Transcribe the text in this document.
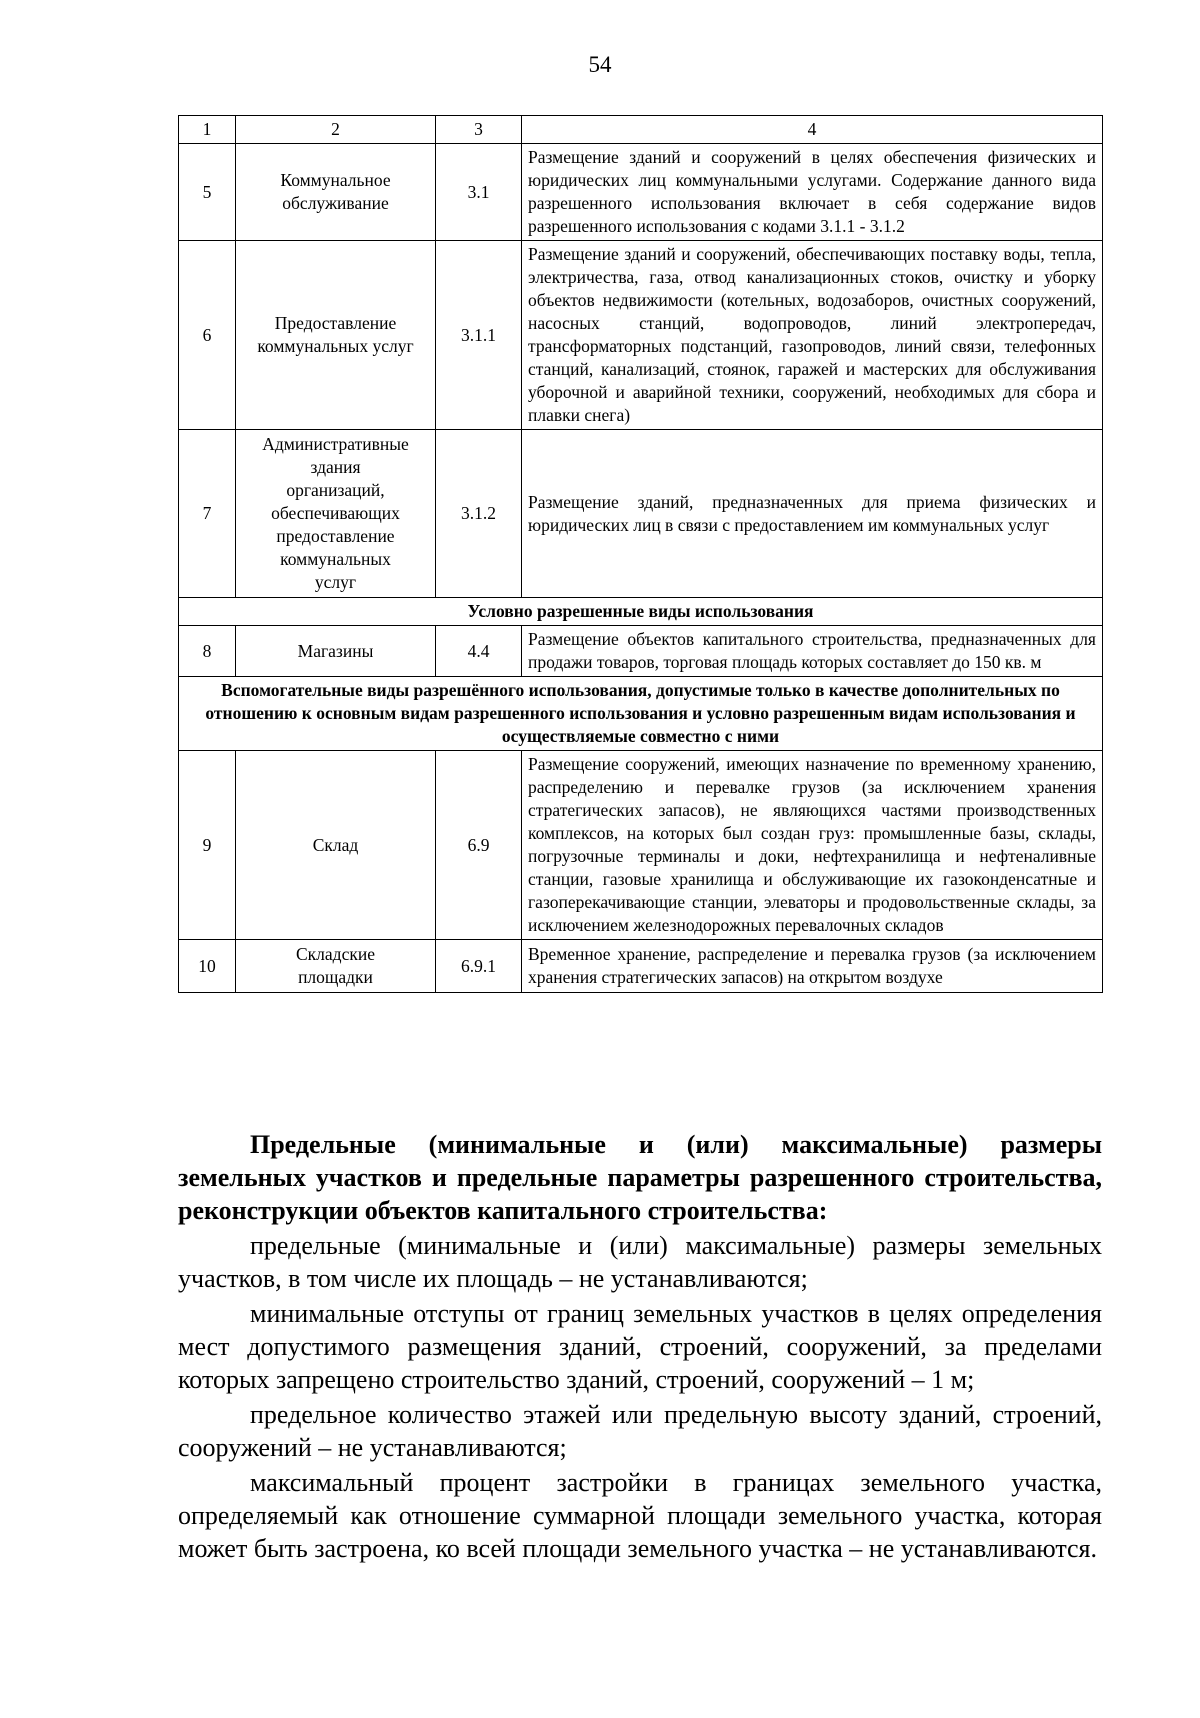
54
1	2	3	4
5	Коммунальное обслуживание	3.1	Размещение зданий и сооружений в целях обеспечения физических и юридических лиц коммунальными услугами. Содержание данного вида разрешенного использования включает в себя содержание видов разрешенного использования с кодами 3.1.1 - 3.1.2
6	Предоставление коммунальных услуг	3.1.1	Размещение зданий и сооружений, обеспечивающих поставку воды, тепла, электричества, газа, отвод канализационных стоков, очистку и уборку объектов недвижимости (котельных, водозаборов, очистных сооружений, насосных станций, водопроводов, линий электропередач, трансформаторных подстанций, газопроводов, линий связи, телефонных станций, канализаций, стоянок, гаражей и мастерских для обслуживания уборочной и аварийной техники, сооружений, необходимых для сбора и плавки снега)
7	Административные здания организаций, обеспечивающих предоставление коммунальных услуг	3.1.2	Размещение зданий, предназначенных для приема физических и юридических лиц в связи с предоставлением им коммунальных услуг
Условно разрешенные виды использования			
8	Магазины	4.4	Размещение объектов капитального строительства, предназначенных для продажи товаров, торговая площадь которых составляет до 150 кв. м
Вспомогательные виды разрешённого использования, допустимые только в качестве дополнительных по отношению к основным видам разрешенного использования и условно разрешенным видам использования и осуществляемые совместно с ними			
9	Склад	6.9	Размещение сооружений, имеющих назначение по временному хранению, распределению и перевалке грузов (за исключением хранения стратегических запасов), не являющихся частями производственных комплексов, на которых был создан груз: промышленные базы, склады, погрузочные терминалы и доки, нефтехранилища и нефтеналивные станции, газовые хранилища и обслуживающие их газоконденсатные и газоперекачивающие станции, элеваторы и продовольственные склады, за исключением железнодорожных перевалочных складов
10	Складские площадки	6.9.1	Временное хранение, распределение и перевалка грузов (за исключением хранения стратегических запасов) на открытом воздухе

Предельные (минимальные и (или) максимальные) размеры земельных участков и предельные параметры разрешенного строительства, реконструкции объектов капитального строительства:

предельные (минимальные и (или) максимальные) размеры земельных участков, в том числе их площадь – не устанавливаются;

минимальные отступы от границ земельных участков в целях определения мест допустимого размещения зданий, строений, сооружений, за пределами которых запрещено строительство зданий, строений, сооружений – 1 м;

предельное количество этажей или предельную высоту зданий, строений, сооружений – не устанавливаются;

максимальный процент застройки в границах земельного участка, определяемый как отношение суммарной площади земельного участка, которая может быть застроена, ко всей площади земельного участка – не устанавливаются.
